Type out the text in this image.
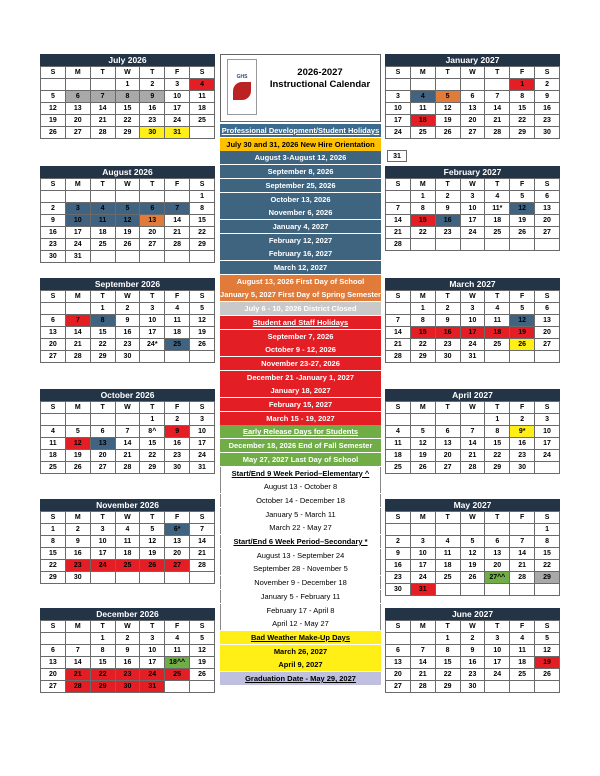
GHS	2026-2027
Instructional Calendar
July 2026
S	M	T	W	T	F	S
			1	2	3	4
5	6	7	8	9	10	11
12	13	14	15	16	17	18
19	20	21	22	23	24	25
26	27	28	29	30	31	
August 2026
S	M	T	W	T	F	S
						1
2	3	4	5	6	7	8
9	10	11	12	13	14	15
16	17	18	19	20	21	22
23	24	25	26	27	28	29
30	31					
September 2026
S	M	T	W	T	F	S
		1	2	3	4	5
6	7	8	9	10	11	12
13	14	15	16	17	18	19
20	21	22	23	24*	25	26
27	28	29	30			
October 2026
S	M	T	W	T	F	S
				1	2	3
4	5	6	7	8^	9	10
11	12	13	14	15	16	17
18	19	20	21	22	23	24
25	26	27	28	29	30	31
November 2026
S	M	T	W	T	F	S
1	2	3	4	5	6*	7
8	9	10	11	12	13	14
15	16	17	18	19	20	21
22	23	24	25	26	27	28
29	30					
December 2026
S	M	T	W	T	F	S
		1	2	3	4	5
6	7	8	9	10	11	12
13	14	15	16	17	18^^	19
20	21	22	23	24	25	26
27	28	29	30	31		
January 2027
S	M	T	W	T	F	S
					1	2
3	4	5	6	7	8	9
10	11	12	13	14	15	16
17	18	19	20	21	22	23
24	25	26	27	28	29	30
February 2027
S	M	T	W	T	F	S
	1	2	3	4	5	6
7	8	9	10	11*	12	13
14	15	16	17	18	19	20
21	22	23	24	25	26	27
28						
March 2027
S	M	T	W	T	F	S
	1	2	3	4	5	6
7	8	9	10	11	12	13
14	15	16	17	18	19	20
21	22	23	24	25	26	27
28	29	30	31			
April 2027
S	M	T	W	T	F	S
				1	2	3
4	5	6	7	8	9*	10
11	12	13	14	15	16	17
18	19	20	21	22	23	24
25	26	27	28	29	30	
May 2027
S	M	T	W	T	F	S
						1
2	3	4	5	6	7	8
9	10	11	12	13	14	15
16	17	18	19	20	21	22
23	24	25	26	27^^	28	29
30	31					
June 2027
S	M	T	W	T	F	S
		1	2	3	4	5
6	7	8	9	10	11	12
13	14	15	16	17	18	19
20	21	22	23	24	25	26
27	28	29	30			
Professional Development/Student Holidays
July 30 and 31, 2026 New Hire Orientation
August 3-August 12, 2026
September 8, 2026
September 25, 2026
October 13, 2026
November 6, 2026
January 4, 2027
February 12, 2027
February 16, 2027
March 12, 2027
August 13, 2026 First Day of School
January 5, 2027 First Day of Spring Semester
July 6 - 10, 2026 District Closed
Student and Staff Holidays
September 7, 2026
October 9 - 12, 2026
November 23-27, 2026
December 21 -January 1, 2027
January 18, 2027
February 15, 2027
March 15 - 19, 2027
Early Release Days for Students
December 18, 2026 End of Fall Semester
May 27, 2027 Last Day of School
Start/End 9 Week Period–Elementary ^
August 13 - October 8
October 14 - December 18
January 5 - March 11
March 22 - May 27
Start/End 6 Week Period–Secondary *
August 13 - September 24
September 28 - November 5
November 9 - December 18
January 5 - February 11
February 17 - April 8
April 12 - May 27
Bad Weather Make-Up Days
March 26, 2027
April 9, 2027
Graduation Date - May 29, 2027
31
